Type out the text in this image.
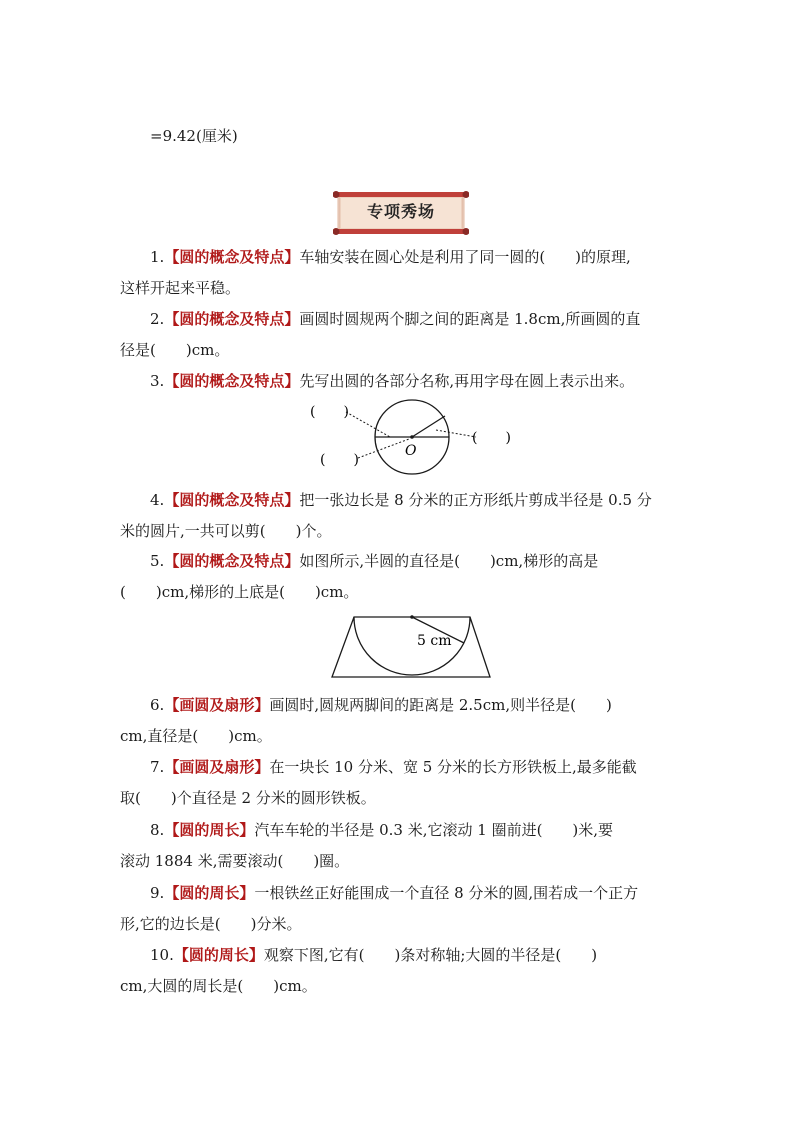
=9.42(厘米)
专项秀场
1.【圆的概念及特点】车轴安装在圆心处是利用了同一圆的(　　)的原理,
这样开起来平稳。
2.【圆的概念及特点】画圆时圆规两个脚之间的距离是 1.8cm,所画圆的直
径是(　　)cm。
3.【圆的概念及特点】先写出圆的各部分名称,再用字母在圆上表示出来。
(　　)
(　　)
(　　)
O
4.【圆的概念及特点】把一张边长是 8 分米的正方形纸片剪成半径是 0.5 分
米的圆片,一共可以剪(　　)个。
5.【圆的概念及特点】如图所示,半圆的直径是(　　)cm,梯形的高是
(　　)cm,梯形的上底是(　　)cm。
5 cm
6.【画圆及扇形】画圆时,圆规两脚间的距离是 2.5cm,则半径是(　　)
cm,直径是(　　)cm。
7.【画圆及扇形】在一块长 10 分米、宽 5 分米的长方形铁板上,最多能截
取(　　)个直径是 2 分米的圆形铁板。
8.【圆的周长】汽车车轮的半径是 0.3 米,它滚动 1 圈前进(　　)米,要
滚动 1884 米,需要滚动(　　)圈。
9.【圆的周长】一根铁丝正好能围成一个直径 8 分米的圆,围若成一个正方
形,它的边长是(　　)分米。
10.【圆的周长】观察下图,它有(　　)条对称轴;大圆的半径是(　　)
cm,大圆的周长是(　　)cm。
